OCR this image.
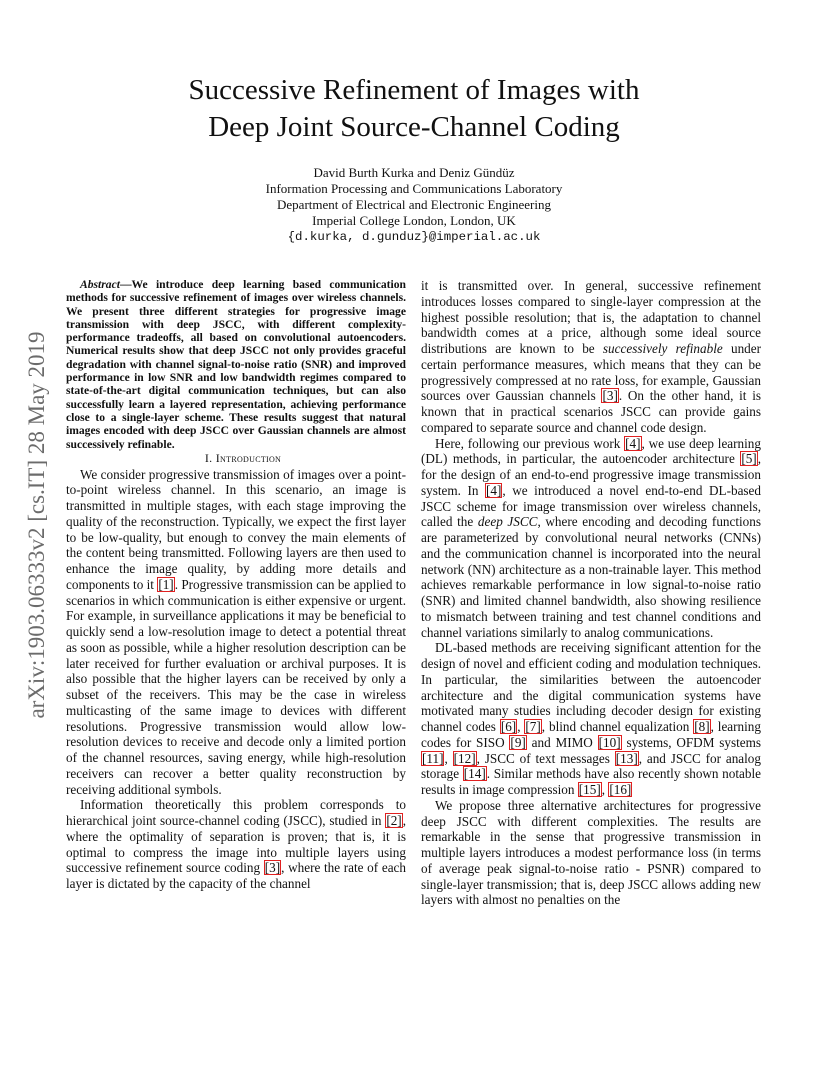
arXiv:1903.06333v2 [cs.IT] 28 May 2019
Successive Refinement of Images with
Deep Joint Source-Channel Coding
David Burth Kurka and Deniz Gündüz
Information Processing and Communications Laboratory
Department of Electrical and Electronic Engineering
Imperial College London, London, UK
{d.kurka, d.gunduz}@imperial.ac.uk

Abstract—We introduce deep learning based communication methods for successive refinement of images over wireless channels. We present three different strategies for progressive image transmission with deep JSCC, with different complexity-performance tradeoffs, all based on convolutional autoencoders. Numerical results show that deep JSCC not only provides graceful degradation with channel signal-to-noise ratio (SNR) and improved performance in low SNR and low bandwidth regimes compared to state-of-the-art digital communication techniques, but can also successfully learn a layered representation, achieving performance close to a single-layer scheme. These results suggest that natural images encoded with deep JSCC over Gaussian channels are almost successively refinable.

I. Introduction

We consider progressive transmission of images over a point-to-point wireless channel. In this scenario, an image is transmitted in multiple stages, with each stage improving the quality of the reconstruction. Typically, we expect the first layer to be low-quality, but enough to convey the main elements of the content being transmitted. Following layers are then used to enhance the image quality, by adding more details and components to it [1]. Progressive transmission can be applied to scenarios in which communication is either expensive or urgent. For example, in surveillance applications it may be beneficial to quickly send a low-resolution image to detect a potential threat as soon as possible, while a higher resolution description can be later received for further evaluation or archival purposes. It is also possible that the higher layers can be received by only a subset of the receivers. This may be the case in wireless multicasting of the same image to devices with different resolutions. Progressive transmission would allow low-resolution devices to receive and decode only a limited portion of the channel resources, saving energy, while high-resolution receivers can recover a better quality reconstruction by receiving additional symbols.

Information theoretically this problem corresponds to hierarchical joint source-channel coding (JSCC), studied in [2], where the optimality of separation is proven; that is, it is optimal to compress the image into multiple layers using successive refinement source coding [3], where the rate of each layer is dictated by the capacity of the channel

it is transmitted over. In general, successive refinement introduces losses compared to single-layer compression at the highest possible resolution; that is, the adaptation to channel bandwidth comes at a price, although some ideal source distributions are known to be successively refinable under certain performance measures, which means that they can be progressively compressed at no rate loss, for example, Gaussian sources over Gaussian channels [3]. On the other hand, it is known that in practical scenarios JSCC can provide gains compared to separate source and channel code design.

Here, following our previous work [4], we use deep learning (DL) methods, in particular, the autoencoder architecture [5], for the design of an end-to-end progressive image transmission system. In [4], we introduced a novel end-to-end DL-based JSCC scheme for image transmission over wireless channels, called the deep JSCC, where encoding and decoding functions are parameterized by convolutional neural networks (CNNs) and the communication channel is incorporated into the neural network (NN) architecture as a non-trainable layer. This method achieves remarkable performance in low signal-to-noise ratio (SNR) and limited channel bandwidth, also showing resilience to mismatch between training and test channel conditions and channel variations similarly to analog communications.

DL-based methods are receiving significant attention for the design of novel and efficient coding and modulation techniques. In particular, the similarities between the autoencoder architecture and the digital communication systems have motivated many studies including decoder design for existing channel codes [6], [7], blind channel equalization [8], learning codes for SISO [9] and MIMO [10] systems, OFDM systems [11], [12], JSCC of text messages [13], and JSCC for analog storage [14]. Similar methods have also recently shown notable results in image compression [15], [16]

We propose three alternative architectures for progressive deep JSCC with different complexities. The results are remarkable in the sense that progressive transmission in multiple layers introduces a modest performance loss (in terms of average peak signal-to-noise ratio - PSNR) compared to single-layer transmission; that is, deep JSCC allows adding new layers with almost no penalties on the
